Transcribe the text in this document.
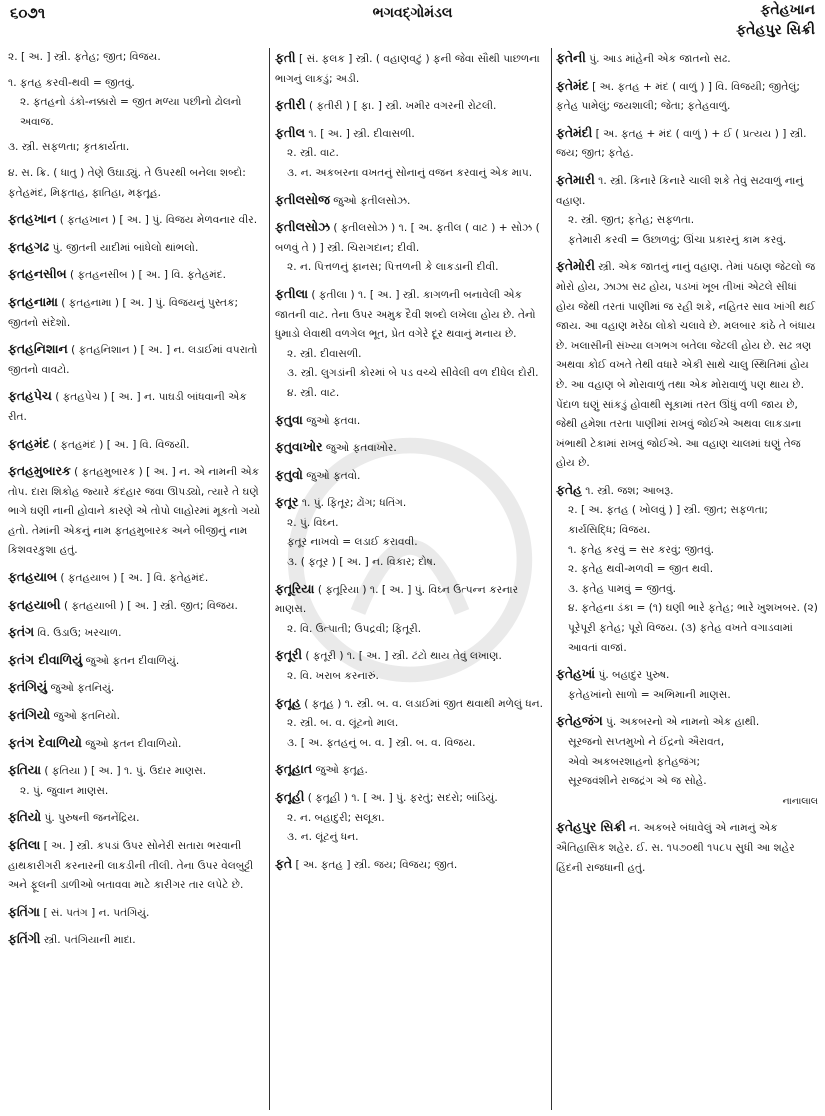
૬૦૭૧	ભગવદ્ગોમંડલ	ફતેહખાન
ફતેહપુર સિક્રી

૨. [ અ. ] સ્ત્રી. ફતેહ; જીત; વિજય.

૧. ફતહ કરવી-થવી = જીતવું.

૨. ફતહનો ડંકો-નક્કારો = જીત મળ્યા પછીનો ઢોલનો અવાજ.

૩. સ્ત્રી. સફળતા; કૃતકાર્યતા.

૪. સ. ક્રિ. ( ધાતુ ) તેણે ઉઘાડ્યું. તે ઉપરથી બનેલા શબ્દો: ફતેહમંદ, મિફતાહ, ફાતિહા, મફતૂહ.

ફતહખાન ( ફતહખાન ) [ અ. ] પું. વિજય મેળવનાર વીર.

ફતહગઢ પું. જીતની યાદીમાં બાંધેલો થાંભલો.

ફતહનસીબ ( ફતહનસીબ ) [ અ. ] વિ. ફતેહમંદ.

ફતહનામા ( ફતહનામા ) [ અ. ] પું. વિજયનું પુસ્તક; જીતનો સંદેશો.

ફતહનિશાન ( ફતહનિશાન ) [ અ. ] ન. લડાઈમાં વપરાતો જીતનો વાવટો.

ફતહપેચ ( ફતહપેચ ) [ અ. ] ન. પાઘડી બાંધવાની એક રીત.

ફતહમંદ ( ફતહમંદ ) [ અ. ] વિ. વિજયી.

ફતહમુબારક ( ફતહમુબારક ) [ અ. ] ન. એ નામની એક તોપ. દારા શિકોહ જ્યારે કંદહાર જવા ઊપડ્યો, ત્યારે તે ઘણે ભાગે ઘણી નાની હોવાને કારણે એ તોપો લાહોરમાં મૂકતો ગયો હતો. તેમાંની એકનું નામ ફતહમુબારક અને બીજીનું નામ કિશવરકુશા હતું.

ફતહયાબ ( ફતહયાબ ) [ અ. ] વિ. ફતેહમંદ.

ફતહયાબી ( ફતહયાબી ) [ અ. ] સ્ત્રી. જીત; વિજય.

ફતંગ વિ. ઉડાઉ; ખરચાળ.

ફતંગ દીવાળિયું જુઓ ફતન દીવાળિયું.

ફતંગિયું જુઓ ફતનિયું.

ફતંગિયો જુઓ ફતનિયો.

ફતંગ દેવાળિયો જુઓ ફતન દીવાળિયો.

ફતિયા ( ફતિયા ) [ અ. ] ૧. પું. ઉદાર માણસ.

૨. પું. જુવાન માણસ.

ફતિયો પું. પુરુષની જનનેંદ્રિય.

ફતિલા [ અ. ] સ્ત્રી. કપડાં ઉપર સોનેરી સતારા ભરવાની હાથકારીગરી કરનારની લાકડીની તીલી. તેના ઉપર વેલબુટ્ટી અને ફૂલની ડાળીઓ બતાવવા માટે કારીગર તાર લપેટે છે.

ફતિંગા [ સં. પતંગ ] ન. પતંગિયું.

ફતિંગી સ્ત્રી. પતંગિયાની માદા.

ફતી [ સં. ફલક ] સ્ત્રી. ( વહાણવટું ) ફની જેવા સૌથી પાછળના ભાગનું લાકડું; અડી.

ફતીરી ( ફતીરી ) [ ફા. ] સ્ત્રી. ખમીર વગરની રોટલી.

ફતીલ ૧. [ અ. ] સ્ત્રી. દીવાસળી.

૨. સ્ત્રી. વાટ.

૩. ન. અકબરના વખતનું સોનાનું વજન કરવાનું એક માપ.

ફતીલસોજ જુઓ ફતીલસોઝ.

ફતીલસોઝ ( ફતીલસોઝ ) ૧. [ અ. ફતીલ ( વાટ ) + સોઝ ( બળવું તે ) ] સ્ત્રી. ચિરાગદાન; દીવી.

૨. ન. પિત્તળનું ફાનસ; પિત્તળની કે લાકડાની દીવી.

ફતીલા ( ફતીલા ) ૧. [ અ. ] સ્ત્રી. કાગળની બનાવેલી એક જાતની વાટ. તેના ઉપર અમુક દૈવી શબ્દો લખેલા હોય છે. તેનો ધુમાડો લેવાથી વળગેલ ભૂત, પ્રેત વગેરે દૂર થવાનું મનાય છે.

૨. સ્ત્રી. દીવાસળી.

૩. સ્ત્રી. લુગડાંની કોરમાં બે પડ વચ્ચે સીવેલી વળ દીધેલ દોરી.

૪. સ્ત્રી. વાટ.

ફતુવા જુઓ ફતવા.

ફતુવાખોર જુઓ ફતવાખોર.

ફતુવો જુઓ ફતવો.

ફતૂર ૧. પું. ફિતૂર; ઢોંગ; ધતિંગ.

૨. પું. વિઘ્ન.

ફતૂર નાખવો = લડાઈ કરાવવી.

૩. ( ફતૂર ) [ અ. ] ન. વિકાર; દોષ.

ફતૂરિયા ( ફતૂરિયા ) ૧. [ અ. ] પું. વિઘ્ન ઉત્પન્ન કરનાર માણસ.

૨. વિ. ઉત્પાતી; ઉપદ્રવી; ફિતૂરી.

ફતૂરી ( ફતૂરી ) ૧. [ અ. ] સ્ત્રી. ટંટો થાય તેવું લખાણ.

૨. વિ. ખરાબ કરનારું.

ફતૂહ ( ફતૂહ ) ૧. સ્ત્રી. બ. વ. લડાઈમાં જીત થવાથી મળેલું ધન.

૨. સ્ત્રી. બ. વ. લૂંટનો માલ.

૩. [ અ. ફતહનું બ. વ. ] સ્ત્રી. બ. વ. વિજય.

ફતૂહાત જુઓ ફતૂહ.

ફતૂહી ( ફતૂહી ) ૧. [ અ. ] પું. ફરતું; સદરો; બાંડિયું.

૨. ન. બહાદુરી; સલૂકા.

૩. ન. લૂંટનું ધન.

ફતે [ અ. ફતહ ] સ્ત્રી. જય; વિજય; જીત.

ફતેની પું. આડ માંહેની એક જાતનો સઢ.

ફતેમંદ [ અ. ફતહ + મંદ ( વાળું ) ] વિ. વિજયી; જીતેલું; ફતેહ પામેલું; જયશાલી; જેતા; ફતેહવાળું.

ફતેમંદી [ અ. ફતહ + મંદ ( વાળું ) + ઈ ( પ્રત્યય ) ] સ્ત્રી. જય; જીત; ફતેહ.

ફતેમારી ૧. સ્ત્રી. કિનારે કિનારે ચાલી શકે તેવું સઢવાળું નાનું વહાણ.

૨. સ્ત્રી. જીત; ફતેહ; સફળતા.

ફતેમારી કરવી = ઉછાળવું; ઊંચા પ્રકારનું કામ કરવું.

ફતેમોરી સ્ત્રી. એક જાતનું નાનું વહાણ. તેમાં પઠાણ જેટલો જ મોરો હોય, ઝાઝા સઢ હોય, પડખાં ખૂબ તીખાં એટલે સીધાં હોય જેથી તરતાં પાણીમાં જ રહી શકે, નહિતર સાવ ખાંગી થઈ જાય. આ વહાણ મરેઠા લોકો ચલાવે છે. મલબાર કાંઠે તે બંધાય છે. ખલાસીની સંખ્યા લગભગ બતેલા જેટલી હોય છે. સઢ ત્રણ અથવા કોઈ વખતે તેથી વધારે એકી સાથે ચાલુ સ્થિતિમાં હોય છે. આ વહાણ બે મોરાવાળું તથા એક મોરાવાળું પણ થાય છે. પેંદાળ ઘણું સાંકડું હોવાથી સૂકામાં તરત ઊંધું વળી જાય છે, જેથી હમેશા તરતા પાણીમાં રાખવું જોઈએ અથવા લાકડાના ખંભાથી ટેકામાં રાખવું જોઈએ. આ વહાણ ચાલમાં ઘણું તેજ હોય છે.

ફતેહ ૧. સ્ત્રી. જશ; આબરૂ.

૨. [ અ. ફતહ ( ખોલવું ) ] સ્ત્રી. જીત; સફળતા; કાર્યસિદ્ધિ; વિજય.

૧. ફતેહ કરવું = સર કરવું; જીતવું.

૨. ફતેહ થવી-મળવી = જીત થવી.

૩. ફતેહ પામવું = જીતવું.

૪. ફતેહના ડંકા = (૧) ઘણી ભારે ફતેહ; ભારે ખુશખબર. (૨) પૂરેપૂરી ફતેહ; પૂરો વિજય. (૩) ફતેહ વખતે વગાડવામાં આવતાં વાજાં.

ફતેહખાં પું. બહાદુર પુરુષ.

ફતેહખાંનો સાળો = અભિમાની માણસ.

ફતેહજંગ પું. અકબરનો એ નામનો એક હાથી.

સૂરજનો સપ્તમુખો ને ઈંદ્રનો ઐરાવત,

એવો અકબરશાહનો ફતેહજંગ;

સૂરજવંશીને રાજદ્રંગ એ જ સોહે.

નાનાલાલ

ફતેહપુર સિક્રી ન. અકબરે બંધાવેલું એ નામનું એક ઐતિહાસિક શહેર. ઈ. સ. ૧૫૭૦થી ૧૫૮૫ સુધી આ શહેર હિંદની રાજધાની હતું.
